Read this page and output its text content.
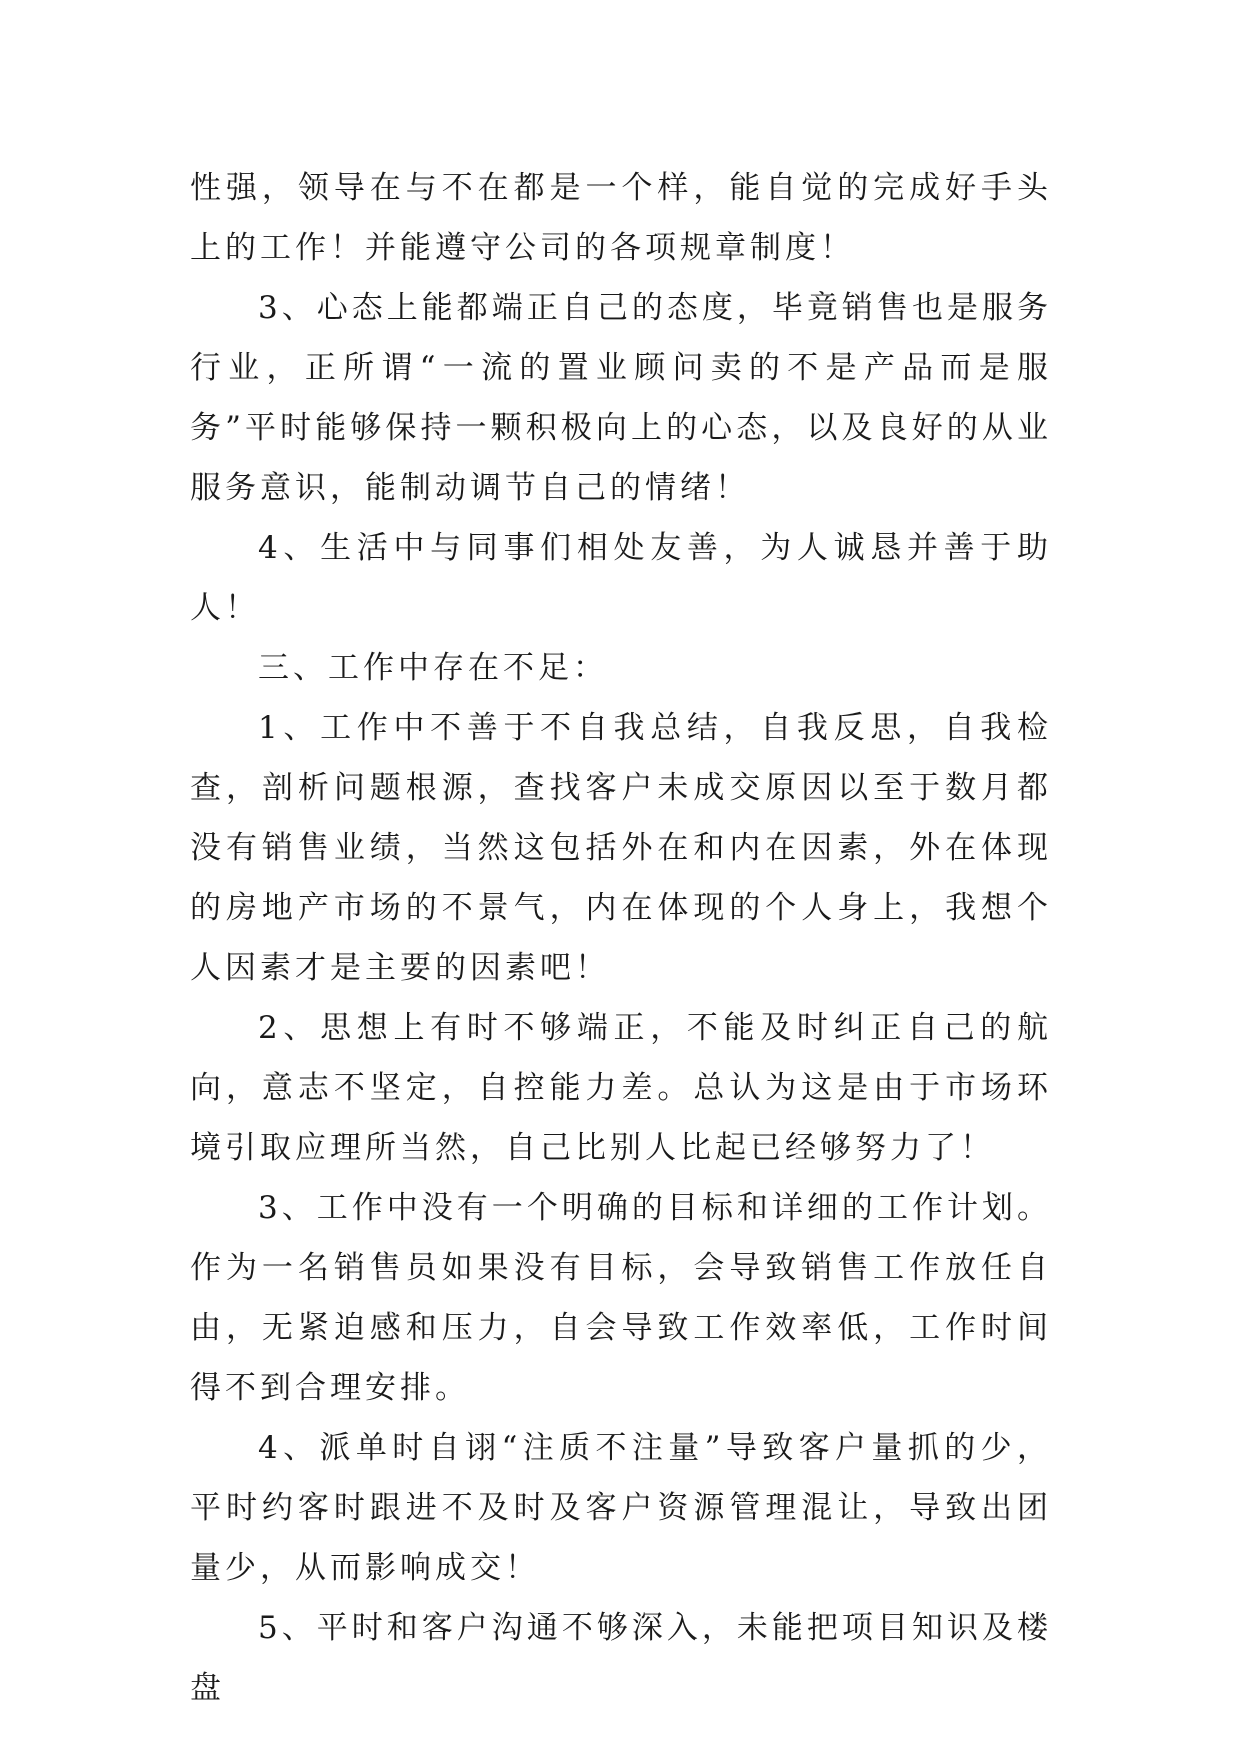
性强，领导在与不在都是一个样，能自觉的完成好手头上的工作！并能遵守公司的各项规章制度！

3、心态上能都端正自己的态度，毕竟销售也是服务行业，正所谓“一流的置业顾问卖的不是产品而是服务”平时能够保持一颗积极向上的心态，以及良好的从业服务意识，能制动调节自己的情绪！

4、生活中与同事们相处友善，为人诚恳并善于助人！

三、工作中存在不足：

1、工作中不善于不自我总结，自我反思，自我检查，剖析问题根源，查找客户未成交原因以至于数月都没有销售业绩，当然这包括外在和内在因素，外在体现的房地产市场的不景气，内在体现的个人身上，我想个人因素才是主要的因素吧！

2、思想上有时不够端正，不能及时纠正自己的航向，意志不坚定，自控能力差。总认为这是由于市场环境引取应理所当然，自己比别人比起已经够努力了！

3、工作中没有一个明确的目标和详细的工作计划。作为一名销售员如果没有目标，会导致销售工作放任自由，无紧迫感和压力，自会导致工作效率低，工作时间得不到合理安排。

4、派单时自诩“注质不注量”导致客户量抓的少，平时约客时跟进不及时及客户资源管理混让，导致出团量少，从而影响成交！

5、平时和客户沟通不够深入，未能把项目知识及楼盘
